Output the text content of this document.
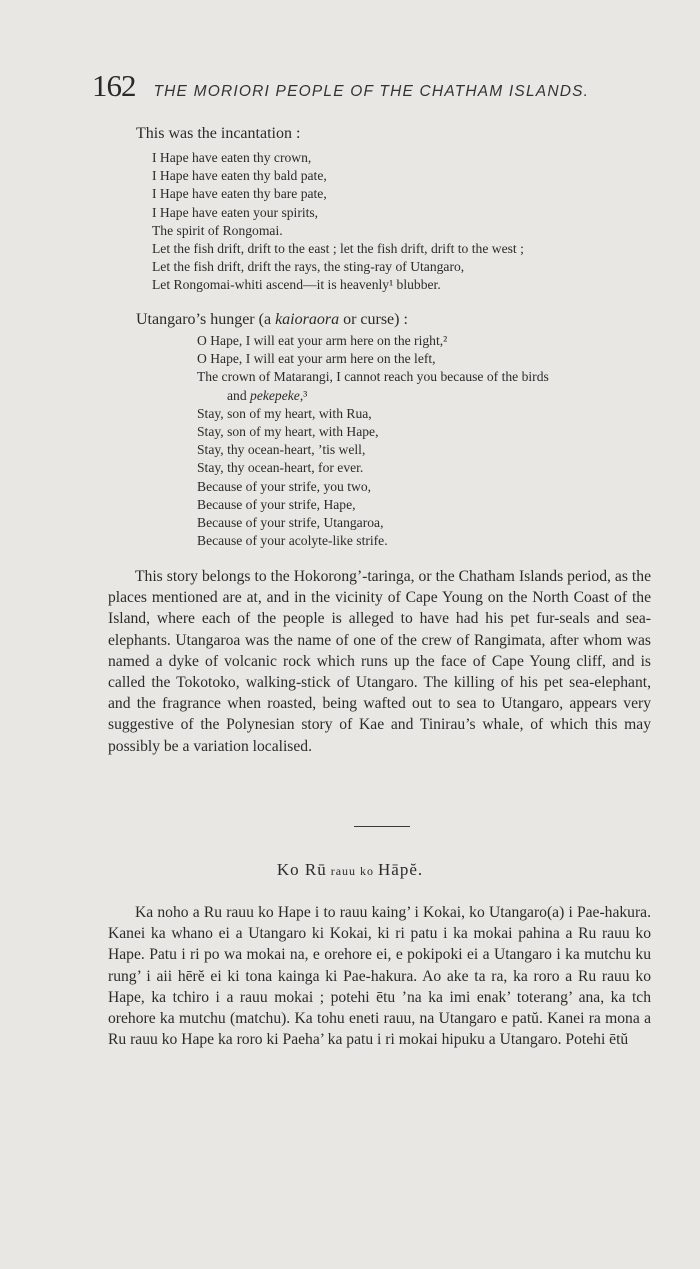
162 THE MORIORI PEOPLE OF THE CHATHAM ISLANDS.
This was the incantation :
I Hape have eaten thy crown,
I Hape have eaten thy bald pate,
I Hape have eaten thy bare pate,
I Hape have eaten your spirits,
The spirit of Rongomai.
Let the fish drift, drift to the east ; let the fish drift, drift to the west ;
Let the fish drift, drift the rays, the sting-ray of Utangaro,
Let Rongomai-whiti ascend—it is heavenly¹ blubber.
Utangaro’s hunger (a kaioraora or curse) :
O Hape, I will eat your arm here on the right,²
O Hape, I will eat your arm here on the left,
The crown of Matarangi, I cannot reach you because of the birds
and pekepeke,³
Stay, son of my heart, with Rua,
Stay, son of my heart, with Hape,
Stay, thy ocean-heart, ’tis well,
Stay, thy ocean-heart, for ever.
Because of your strife, you two,
Because of your strife, Hape,
Because of your strife, Utangaroa,
Because of your acolyte-like strife.

This story belongs to the Hokorong’-taringa, or the Chatham Islands period, as the places mentioned are at, and in the vicinity of Cape Young on the North Coast of the Island, where each of the people is alleged to have had his pet fur-seals and sea-elephants. Utangaroa was the name of one of the crew of Rangimata, after whom was named a dyke of volcanic rock which runs up the face of Cape Young cliff, and is called the Tokotoko, walking-stick of Utangaro. The killing of his pet sea-elephant, and the fragrance when roasted, being wafted out to sea to Utangaro, appears very suggestive of the Polynesian story of Kae and Tinirau’s whale, of which this may possibly be a variation localised.

Ko Rū rauu ko Hāpĕ.

Ka noho a Ru rauu ko Hape i to rauu kaing’ i Kokai, ko Utangaro(a) i Pae-hakura. Kanei ka whano ei a Utangaro ki Kokai, ki ri patu i ka mokai pahina a Ru rauu ko Hape. Patu i ri po wa mokai na, e orehore ei, e pokipoki ei a Utangaro i ka mutchu ku rung’ i aii hērĕ ei ki tona kainga ki Pae-hakura. Ao ake ta ra, ka roro a Ru rauu ko Hape, ka tchiro i a rauu mokai ; potehi ētu ’na ka imi enak’ toterang’ ana, ka tch orehore ka mutchu (matchu). Ka tohu eneti rauu, na Utangaro e patŭ. Kanei ra mona a Ru rauu ko Hape ka roro ki Paeha’ ka patu i ri mokai hipuku a Utangaro. Potehi ētŭ
